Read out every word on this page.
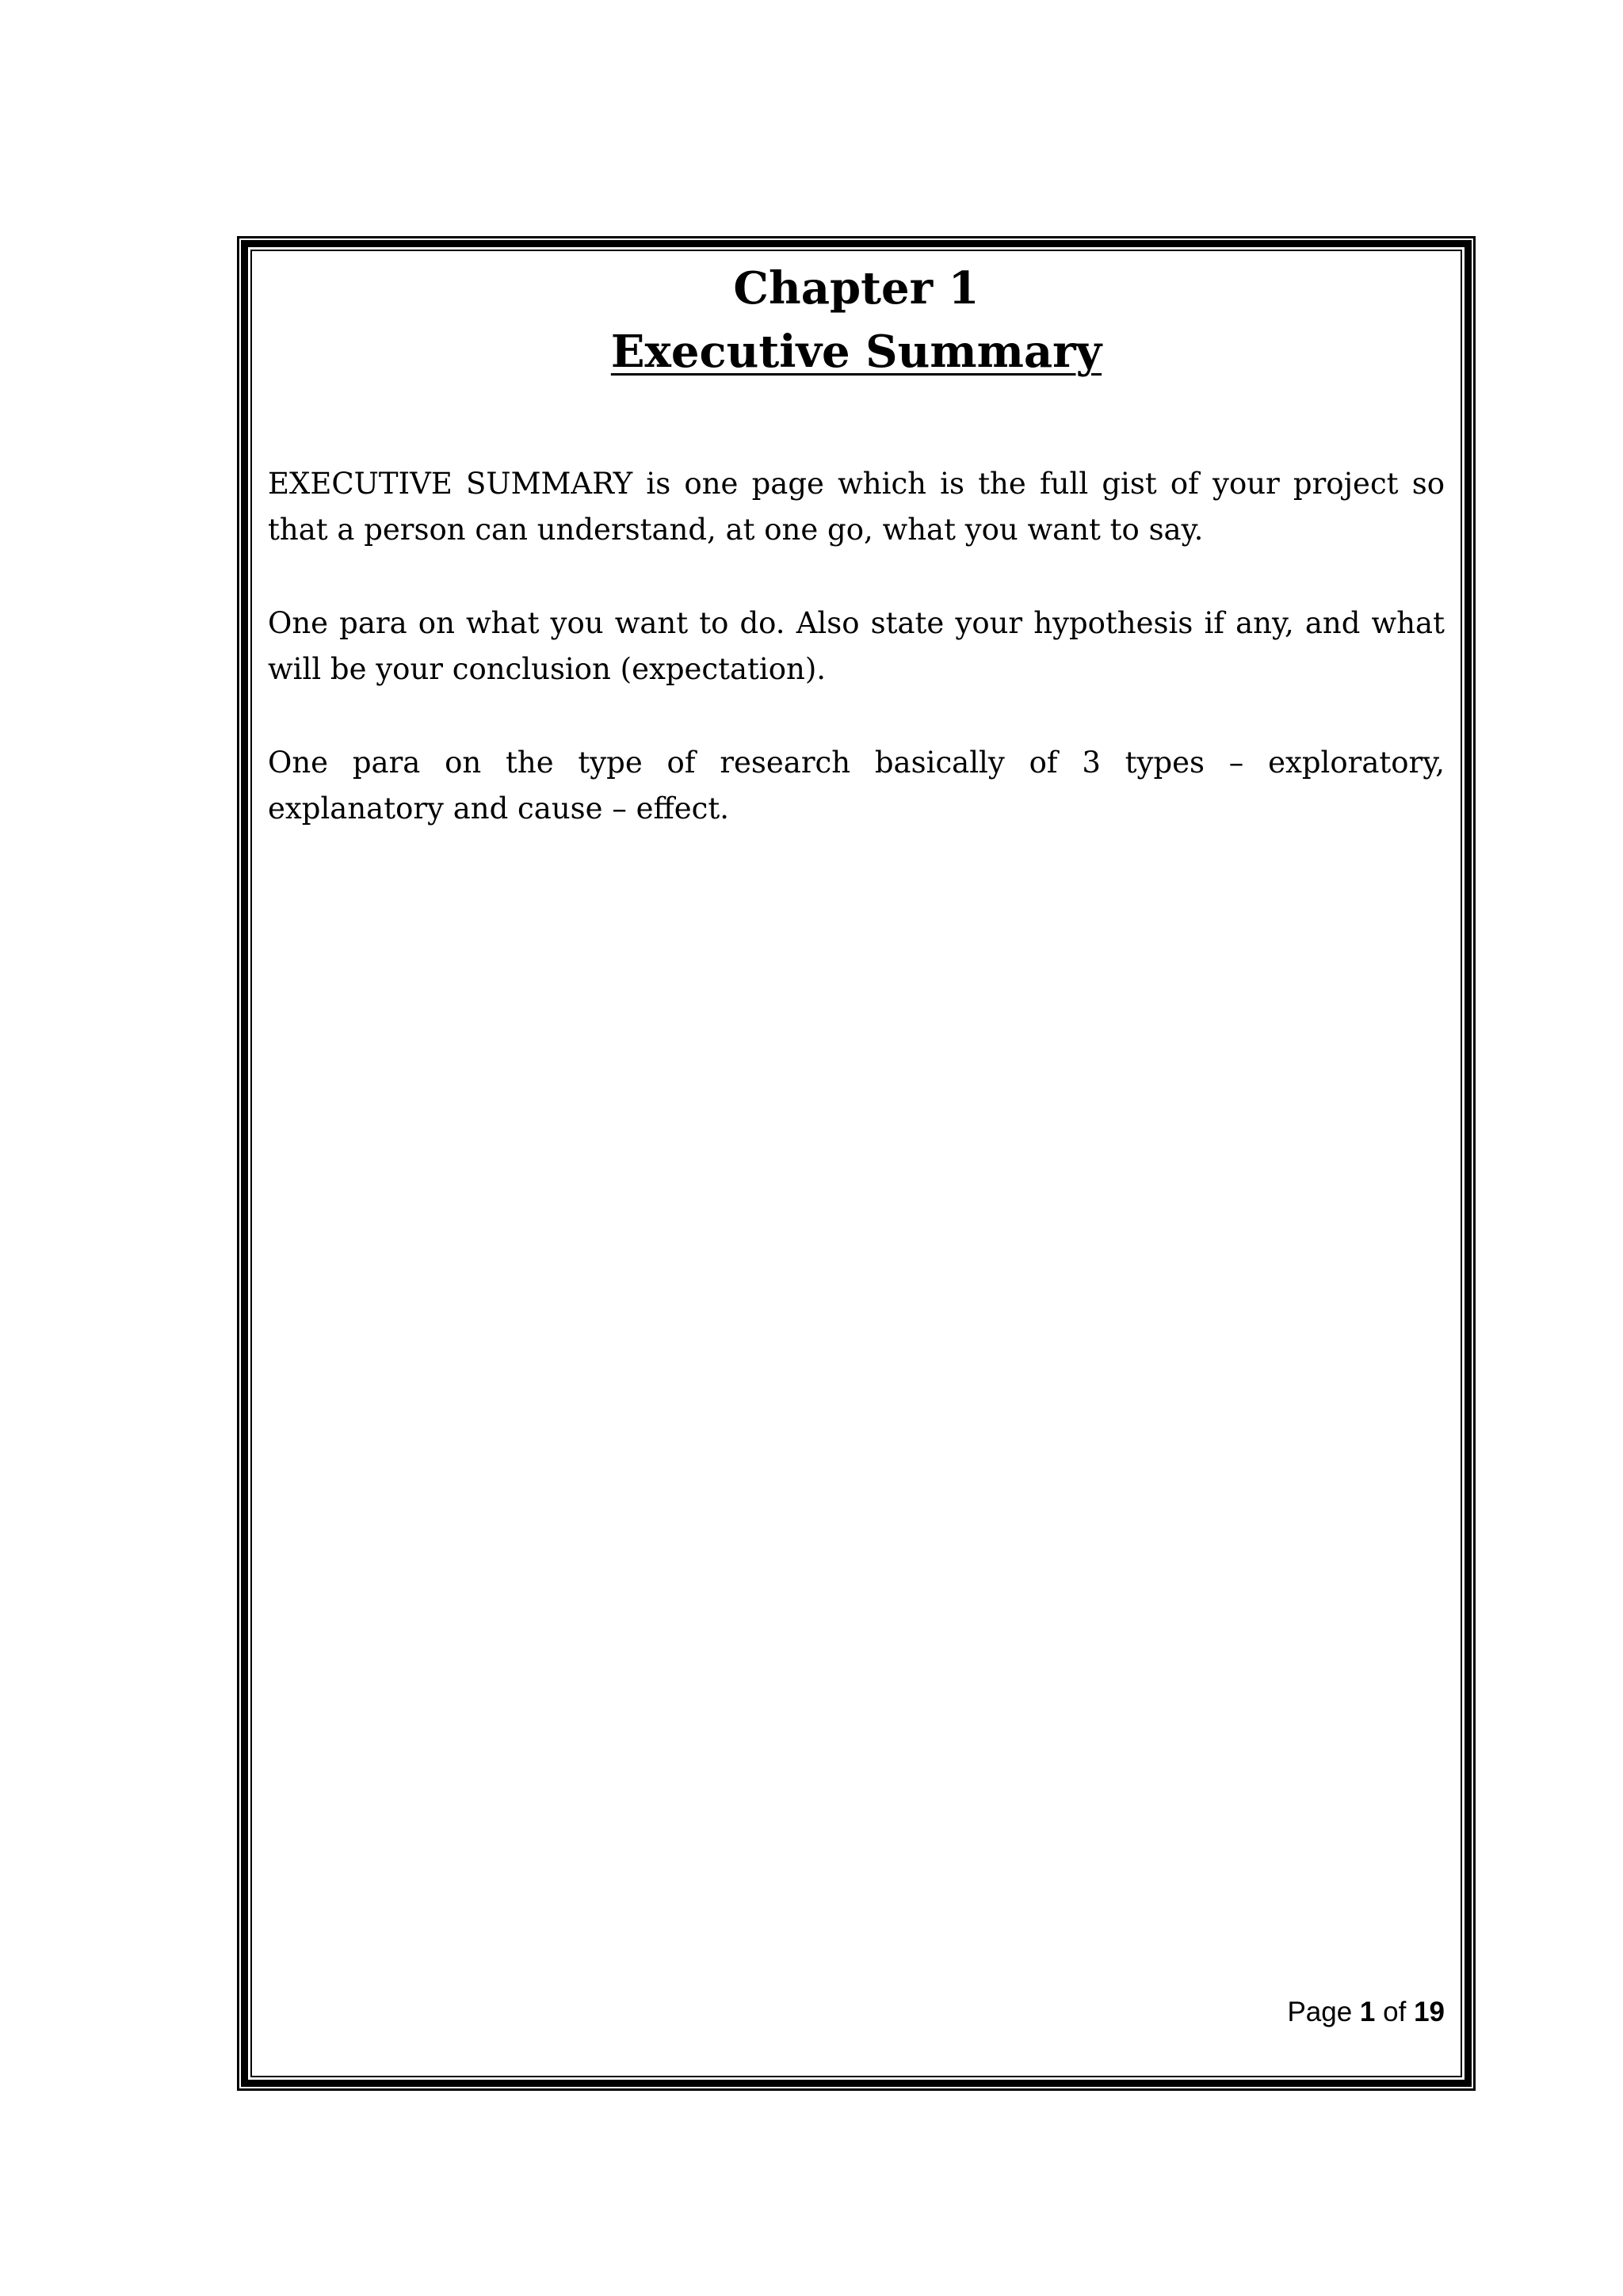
Chapter 1
Executive Summary

EXECUTIVE SUMMARY is one page which is the full gist of your project so that a person can understand, at one go, what you want to say.

One para on what you want to do. Also state your hypothesis if any, and what will be your conclusion (expectation).

One para on the type of research basically of 3 types – exploratory, explanatory and cause – effect.

Page 1 of 19
